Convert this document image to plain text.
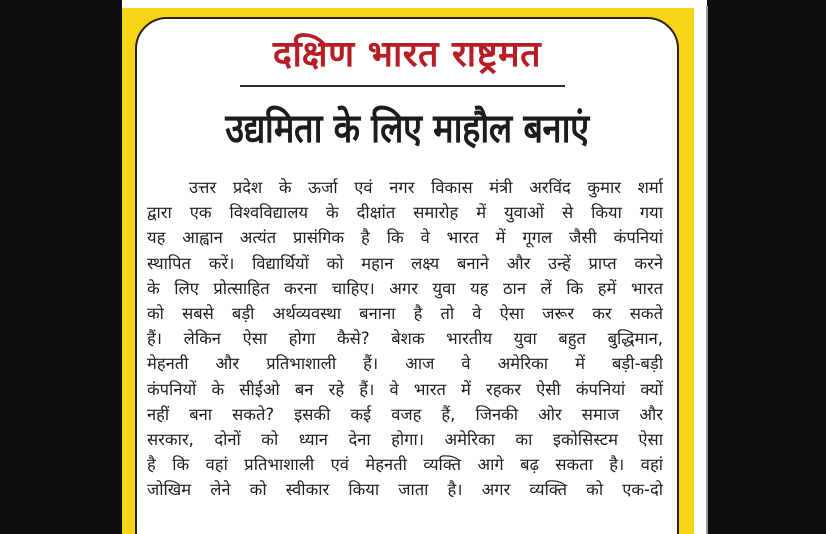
दक्षिण भारत राष्ट्रमत
उद्यमिता के लिए माहौल बनाएं
उत्तर प्रदेश के ऊर्जा एवं नगर विकास मंत्री अरविंद कुमार शर्मा
द्वारा एक विश्वविद्यालय के दीक्षांत समारोह में युवाओं से किया गया
यह आह्वान अत्यंत प्रासंगिक है कि वे भारत में गूगल जैसी कंपनियां
स्थापित करें। विद्यार्थियों को महान लक्ष्य बनाने और उन्हें प्राप्त करने
के लिए प्रोत्साहित करना चाहिए। अगर युवा यह ठान लें कि हमें भारत
को सबसे बड़ी अर्थव्यवस्था बनाना है तो वे ऐसा जरूर कर सकते
हैं। लेकिन ऐसा होगा कैसे? बेशक भारतीय युवा बहुत बुद्धिमान,
मेहनती और प्रतिभाशाली हैं। आज वे अमेरिका में बड़ी-बड़ी
कंपनियों के सीईओ बन रहे हैं। वे भारत में रहकर ऐसी कंपनियां क्यों
नहीं बना सकते? इसकी कई वजह हैं, जिनकी ओर समाज और
सरकार, दोनों को ध्यान देना होगा। अमेरिका का इकोसिस्टम ऐसा
है कि वहां प्रतिभाशाली एवं मेहनती व्यक्ति आगे बढ़ सकता है। वहां
जोखिम लेने को स्वीकार किया जाता है। अगर व्यक्ति को एक-दो
